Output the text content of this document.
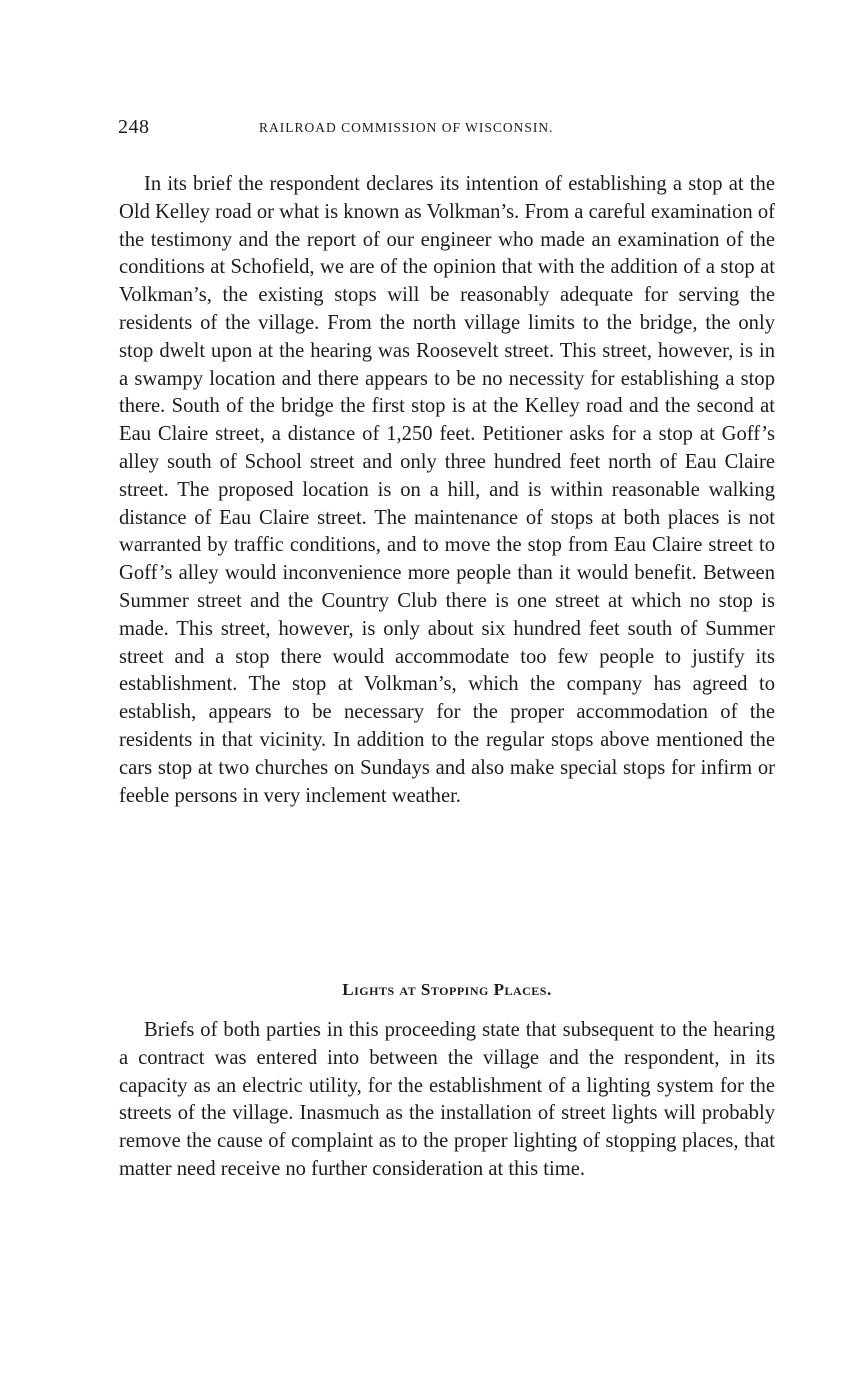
248	RAILROAD COMMISSION OF WISCONSIN.

In its brief the respondent declares its intention of establishing a stop at the Old Kelley road or what is known as Volkman’s. From a careful examination of the testimony and the report of our engineer who made an examination of the conditions at Schofield, we are of the opinion that with the addition of a stop at Volkman’s, the existing stops will be reasonably adequate for serving the residents of the village. From the north village limits to the bridge, the only stop dwelt upon at the hearing was Roosevelt street. This street, however, is in a swampy location and there appears to be no necessity for establishing a stop there. South of the bridge the first stop is at the Kelley road and the second at Eau Claire street, a distance of 1,250 feet. Petitioner asks for a stop at Goff’s alley south of School street and only three hundred feet north of Eau Claire street. The proposed location is on a hill, and is within reasonable walking distance of Eau Claire street. The maintenance of stops at both places is not warranted by traffic conditions, and to move the stop from Eau Claire street to Goff’s alley would inconvenience more people than it would benefit. Between Summer street and the Country Club there is one street at which no stop is made. This street, however, is only about six hundred feet south of Summer street and a stop there would accommodate too few people to justify its establishment. The stop at Volkman’s, which the company has agreed to establish, appears to be necessary for the proper accommodation of the residents in that vicinity. In addition to the regular stops above mentioned the cars stop at two churches on Sundays and also make special stops for infirm or feeble persons in very inclement weather.

Lights at Stopping Places.

Briefs of both parties in this proceeding state that subsequent to the hearing a contract was entered into between the village and the respondent, in its capacity as an electric utility, for the establishment of a lighting system for the streets of the village. Inasmuch as the installation of street lights will probably remove the cause of complaint as to the proper lighting of stopping places, that matter need receive no further consideration at this time.
